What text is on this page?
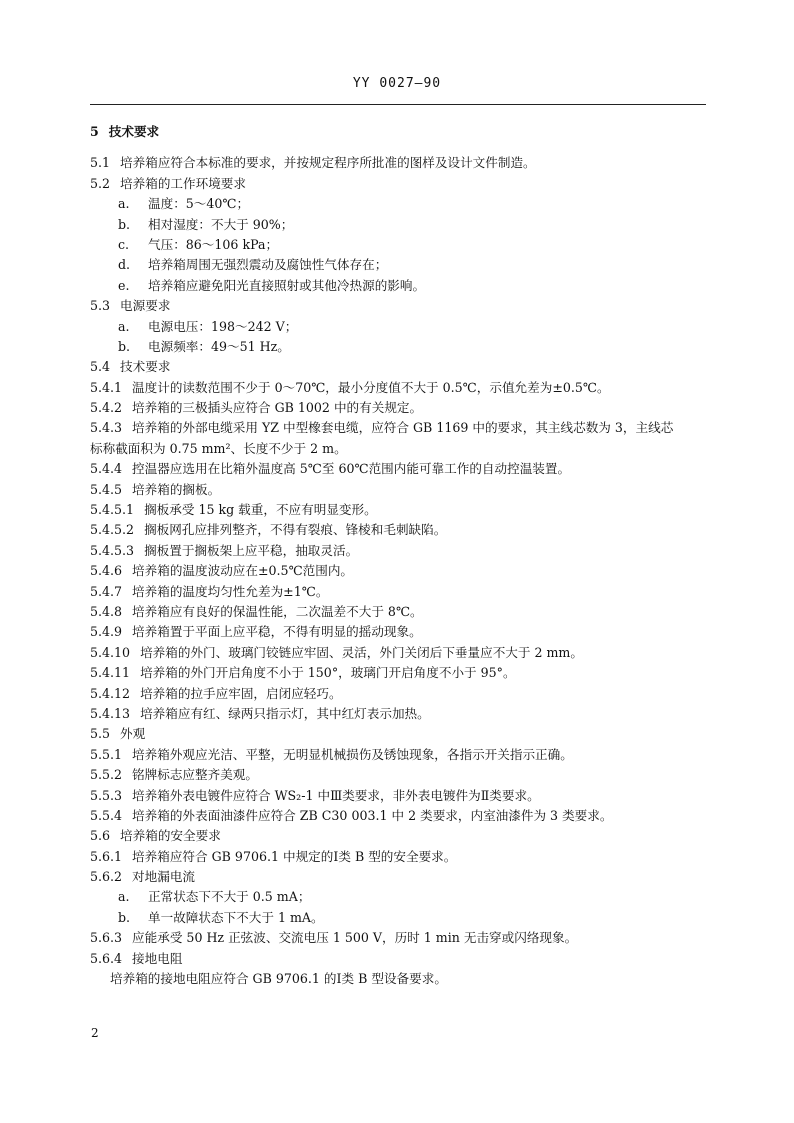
YY 0027—90
5 技术要求
5.1 培养箱应符合本标准的要求，并按规定程序所批准的图样及设计文件制造。
5.2 培养箱的工作环境要求
a. 温度：5～40℃；
b. 相对湿度：不大于 90%；
c. 气压：86～106 kPa；
d. 培养箱周围无强烈震动及腐蚀性气体存在；
e. 培养箱应避免阳光直接照射或其他冷热源的影响。
5.3 电源要求
a. 电源电压：198～242 V；
b. 电源频率：49～51 Hz。
5.4 技术要求
5.4.1 温度计的读数范围不少于 0～70℃，最小分度值不大于 0.5℃，示值允差为±0.5℃。
5.4.2 培养箱的三极插头应符合 GB 1002 中的有关规定。
5.4.3 培养箱的外部电缆采用 YZ 中型橡套电缆，应符合 GB 1169 中的要求，其主线芯数为 3，主线芯
标称截面积为 0.75 mm²、长度不少于 2 m。
5.4.4 控温器应选用在比箱外温度高 5℃至 60℃范围内能可靠工作的自动控温装置。
5.4.5 培养箱的搁板。
5.4.5.1 搁板承受 15 kg 载重，不应有明显变形。
5.4.5.2 搁板网孔应排列整齐，不得有裂痕、锋棱和毛刺缺陷。
5.4.5.3 搁板置于搁板架上应平稳，抽取灵活。
5.4.6 培养箱的温度波动应在±0.5℃范围内。
5.4.7 培养箱的温度均匀性允差为±1℃。
5.4.8 培养箱应有良好的保温性能，二次温差不大于 8℃。
5.4.9 培养箱置于平面上应平稳，不得有明显的摇动现象。
5.4.10 培养箱的外门、玻璃门铰链应牢固、灵活，外门关闭后下垂量应不大于 2 mm。
5.4.11 培养箱的外门开启角度不小于 150°，玻璃门开启角度不小于 95°。
5.4.12 培养箱的拉手应牢固，启闭应轻巧。
5.4.13 培养箱应有红、绿两只指示灯，其中红灯表示加热。
5.5 外观
5.5.1 培养箱外观应光洁、平整，无明显机械损伤及锈蚀现象，各指示开关指示正确。
5.5.2 铭牌标志应整齐美观。
5.5.3 培养箱外表电镀件应符合 WS₂-1 中Ⅲ类要求，非外表电镀件为Ⅱ类要求。
5.5.4 培养箱的外表面油漆件应符合 ZB C30 003.1 中 2 类要求，内室油漆件为 3 类要求。
5.6 培养箱的安全要求
5.6.1 培养箱应符合 GB 9706.1 中规定的Ⅰ类 B 型的安全要求。
5.6.2 对地漏电流
a. 正常状态下不大于 0.5 mA；
b. 单一故障状态下不大于 1 mA。
5.6.3 应能承受 50 Hz 正弦波、交流电压 1 500 V，历时 1 min 无击穿或闪络现象。
5.6.4 接地电阻
培养箱的接地电阻应符合 GB 9706.1 的Ⅰ类 B 型设备要求。
2
